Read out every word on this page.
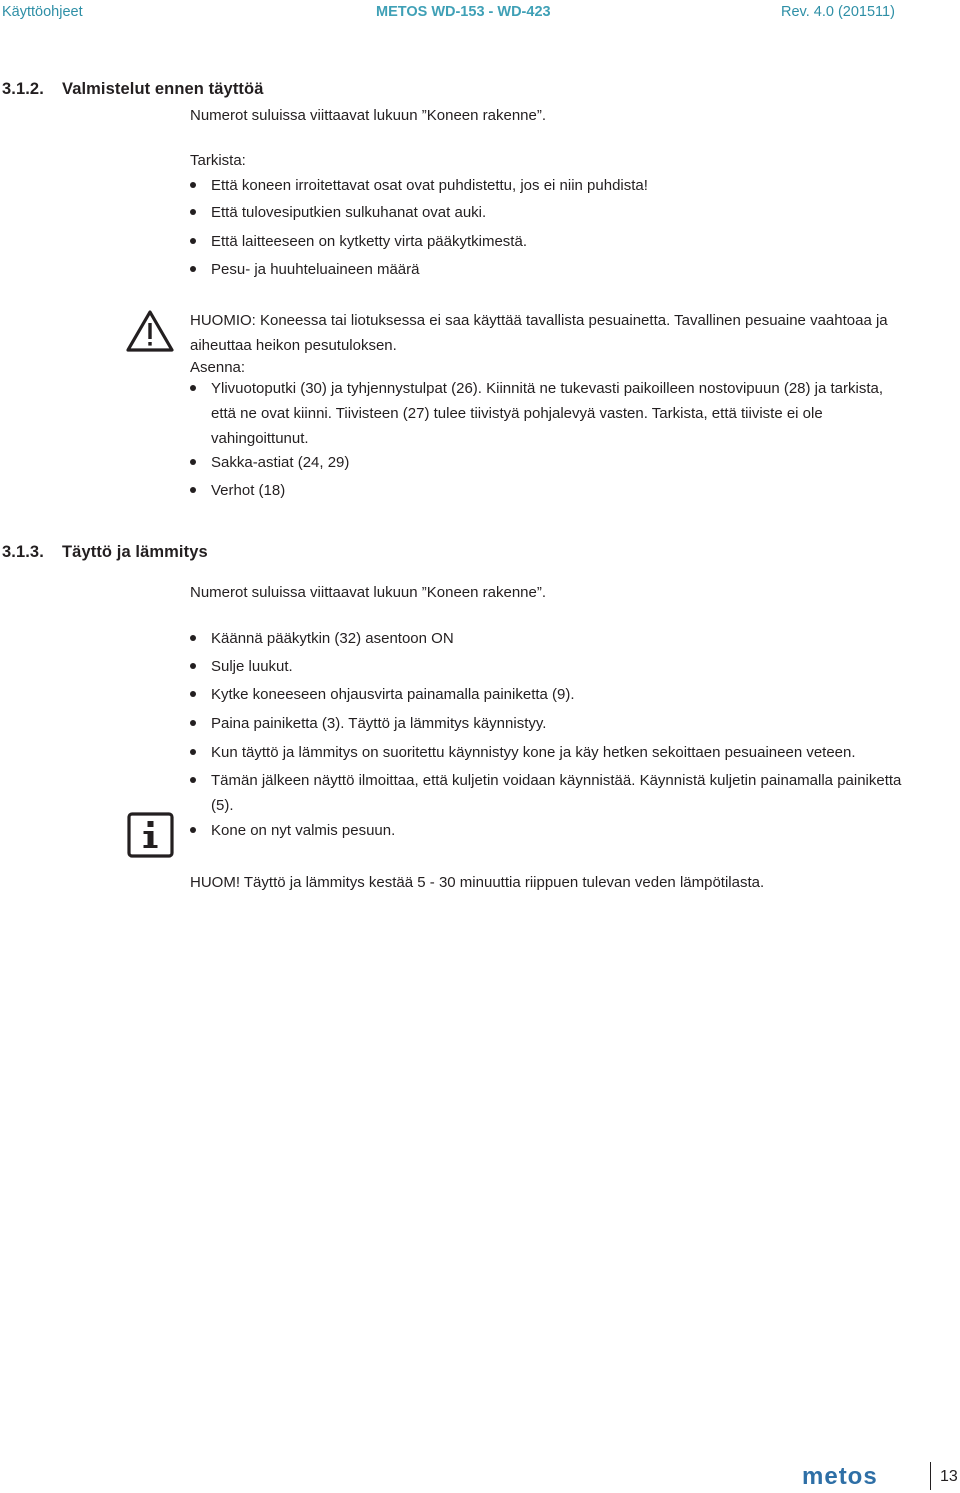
Käyttöohjeet	METOS WD-153 - WD-423	Rev. 4.0 (201511)
3.1.2. Valmistelut ennen täyttöä
Numerot suluissa viittaavat lukuun ”Koneen rakenne”.
Tarkista:
Että koneen irroitettavat osat ovat puhdistettu, jos ei niin puhdista!
Että tulovesiputkien sulkuhanat ovat auki.
Että laitteeseen on kytketty virta pääkytkimestä.
Pesu- ja huuhteluaineen määrä
HUOMIO: Koneessa tai liotuksessa ei saa käyttää tavallista pesuainetta. Tavallinen pesuaine vaahtoaa ja aiheuttaa heikon pesutuloksen.
Asenna:
Ylivuotoputki (30) ja tyhjennystulpat (26). Kiinnitä ne tukevasti paikoilleen nostovipuun (28) ja tarkista, että ne ovat kiinni. Tiivisteen (27) tulee tiivistyä pohjalevyä vasten. Tarkista, että tiiviste ei ole vahingoittunut.
Sakka-astiat (24, 29)
Verhot (18)
3.1.3. Täyttö ja lämmitys
Numerot suluissa viittaavat lukuun ”Koneen rakenne”.
Käännä pääkytkin (32) asentoon ON
Sulje luukut.
Kytke koneeseen ohjausvirta painamalla painiketta (9).
Paina painiketta (3). Täyttö ja lämmitys käynnistyy.
Kun täyttö ja lämmitys on suoritettu käynnistyy kone ja käy hetken sekoittaen pesuaineen veteen.
Tämän jälkeen näyttö ilmoittaa, että kuljetin voidaan käynnistää. Käynnistä kuljetin painamalla painiketta (5).
Kone on nyt valmis pesuun.
HUOM! Täyttö ja lämmitys kestää 5 - 30 minuuttia riippuen tulevan veden lämpötilasta.
metos	13
